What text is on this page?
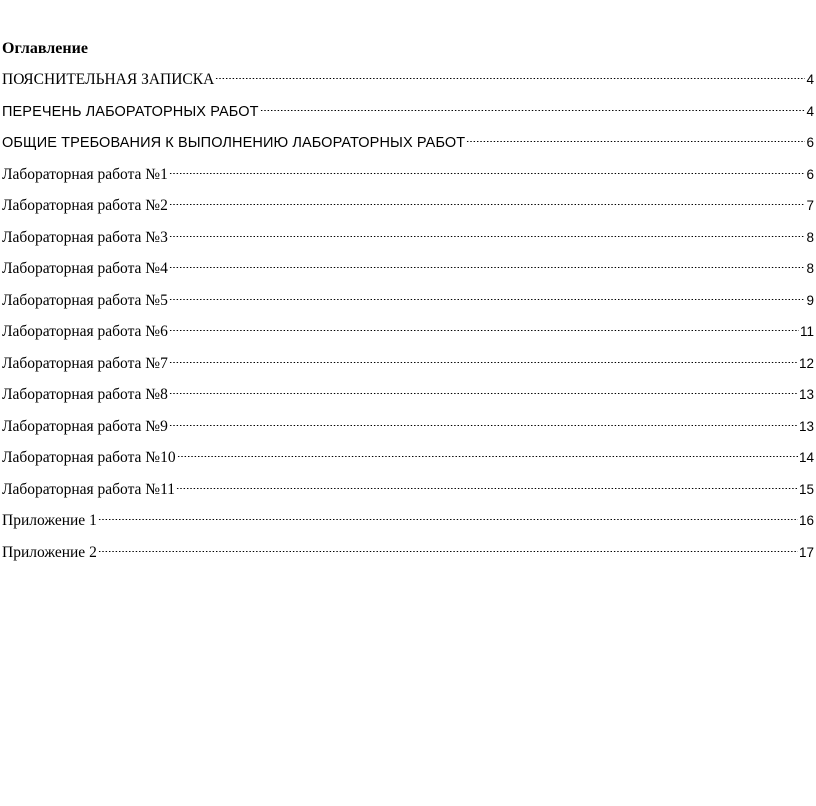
Оглавление
ПОЯСНИТЕЛЬНАЯ ЗАПИСКА	4
ПЕРЕЧЕНЬ ЛАБОРАТОРНЫХ РАБОТ	4
ОБЩИЕ ТРЕБОВАНИЯ К ВЫПОЛНЕНИЮ ЛАБОРАТОРНЫХ РАБОТ	6
Лабораторная работа №1	6
Лабораторная работа №2	7
Лабораторная работа №3	8
Лабораторная работа №4	8
Лабораторная работа №5	9
Лабораторная работа №6	11
Лабораторная работа №7	12
Лабораторная работа №8	13
Лабораторная работа №9	13
Лабораторная работа №10	14
Лабораторная работа №11	15
Приложение 1	16
Приложение 2	17
